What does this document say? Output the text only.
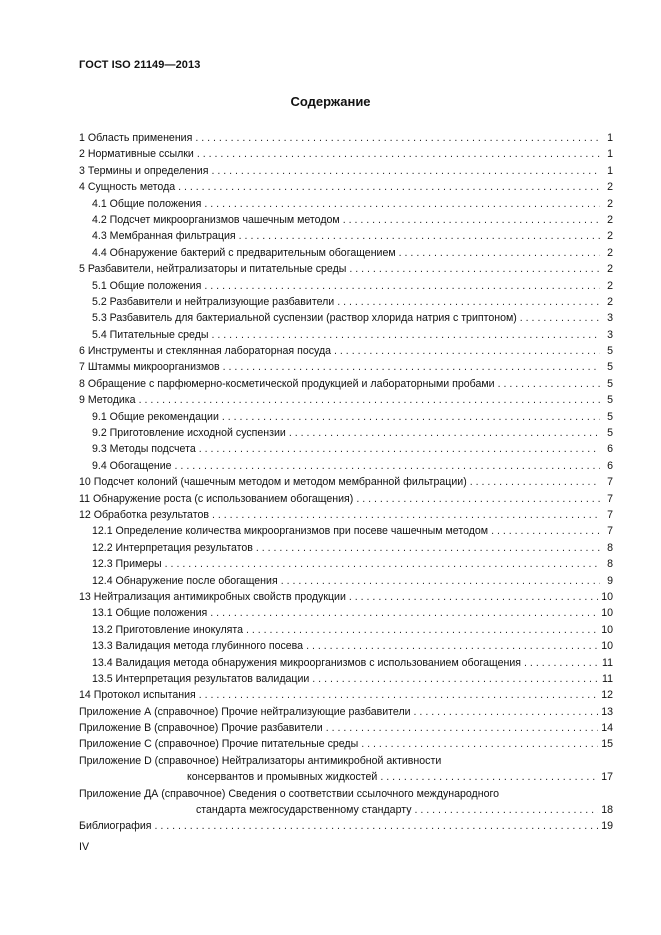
ГОСТ ISO 21149—2013
Содержание
1 Область применения . . .	1
2 Нормативные ссылки . . .	1
3 Термины и определения . . .	1
4 Сущность метода . . .	2
4.1 Общие положения . . .	2
4.2 Подсчет микроорганизмов чашечным методом . . .	2
4.3 Мембранная фильтрация . . .	2
4.4 Обнаружение бактерий с предварительным обогащением . . .	2
5 Разбавители, нейтрализаторы и питательные среды . . .	2
5.1 Общие положения . . .	2
5.2 Разбавители и нейтрализующие разбавители . . .	2
5.3 Разбавитель для бактериальной суспензии (раствор хлорида натрия с триптоном) . . .	3
5.4 Питательные среды . . .	3
6 Инструменты и стеклянная лабораторная посуда . . .	5
7 Штаммы микроорганизмов . . .	5
8 Обращение с парфюмерно-косметической продукцией и лабораторными пробами . . .	5
9 Методика . . .	5
9.1 Общие рекомендации . . .	5
9.2 Приготовление исходной суспензии . . .	5
9.3 Методы подсчета . . .	6
9.4 Обогащение . . .	6
10 Подсчет колоний (чашечным методом и методом мембранной фильтрации) . . .	7
11 Обнаружение роста (с использованием обогащения) . . .	7
12 Обработка результатов . . .	7
12.1 Определение количества микроорганизмов при посеве чашечным методом . . .	7
12.2 Интерпретация результатов . . .	8
12.3 Примеры . . .	8
12.4 Обнаружение после обогащения . . .	9
13 Нейтрализация антимикробных свойств продукции . . .	10
13.1 Общие положения . . .	10
13.2 Приготовление инокулята . . .	10
13.3 Валидация метода глубинного посева . . .	10
13.4 Валидация метода обнаружения микроорганизмов с использованием обогащения . . .	11
13.5 Интерпретация результатов валидации . . .	11
14 Протокол испытания . . .	12
Приложение А (справочное) Прочие нейтрализующие разбавители . . .	13
Приложение В (справочное) Прочие разбавители . . .	14
Приложение С (справочное) Прочие питательные среды . . .	15
Приложение D (справочное) Нейтрализаторы антимикробной активности
консервантов и промывных жидкостей . . .	17
Приложение ДА (справочное) Сведения о соответствии ссылочного международного
стандарта межгосударственному стандарту . . .	18
Библиография . . .	19
IV
